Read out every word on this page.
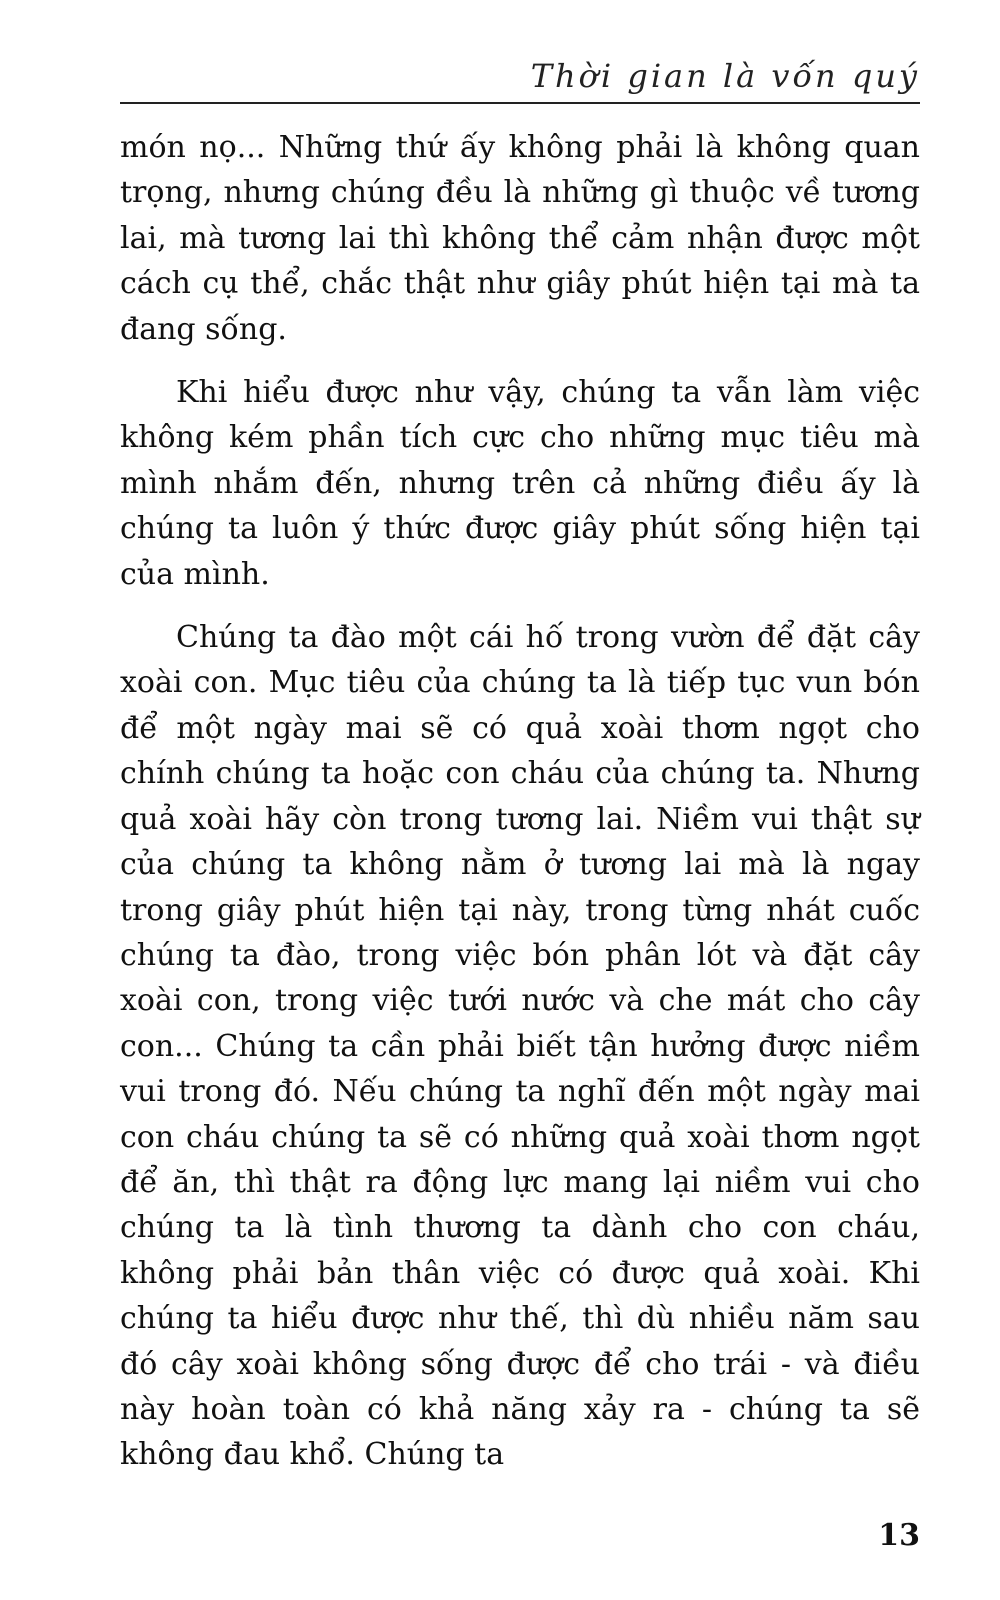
Thời gian là vốn quý

món nọ... Những thứ ấy không phải là không quan trọng, nhưng chúng đều là những gì thuộc về tương lai, mà tương lai thì không thể cảm nhận được một cách cụ thể, chắc thật như giây phút hiện tại mà ta đang sống.

Khi hiểu được như vậy, chúng ta vẫn làm việc không kém phần tích cực cho những mục tiêu mà mình nhắm đến, nhưng trên cả những điều ấy là chúng ta luôn ý thức được giây phút sống hiện tại của mình.

Chúng ta đào một cái hố trong vườn để đặt cây xoài con. Mục tiêu của chúng ta là tiếp tục vun bón để một ngày mai sẽ có quả xoài thơm ngọt cho chính chúng ta hoặc con cháu của chúng ta. Nhưng quả xoài hãy còn trong tương lai. Niềm vui thật sự của chúng ta không nằm ở tương lai mà là ngay trong giây phút hiện tại này, trong từng nhát cuốc chúng ta đào, trong việc bón phân lót và đặt cây xoài con, trong việc tưới nước và che mát cho cây con... Chúng ta cần phải biết tận hưởng được niềm vui trong đó. Nếu chúng ta nghĩ đến một ngày mai con cháu chúng ta sẽ có những quả xoài thơm ngọt để ăn, thì thật ra động lực mang lại niềm vui cho chúng ta là tình thương ta dành cho con cháu, không phải bản thân việc có được quả xoài. Khi chúng ta hiểu được như thế, thì dù nhiều năm sau đó cây xoài không sống được để cho trái - và điều này hoàn toàn có khả năng xảy ra - chúng ta sẽ không đau khổ. Chúng ta

13
